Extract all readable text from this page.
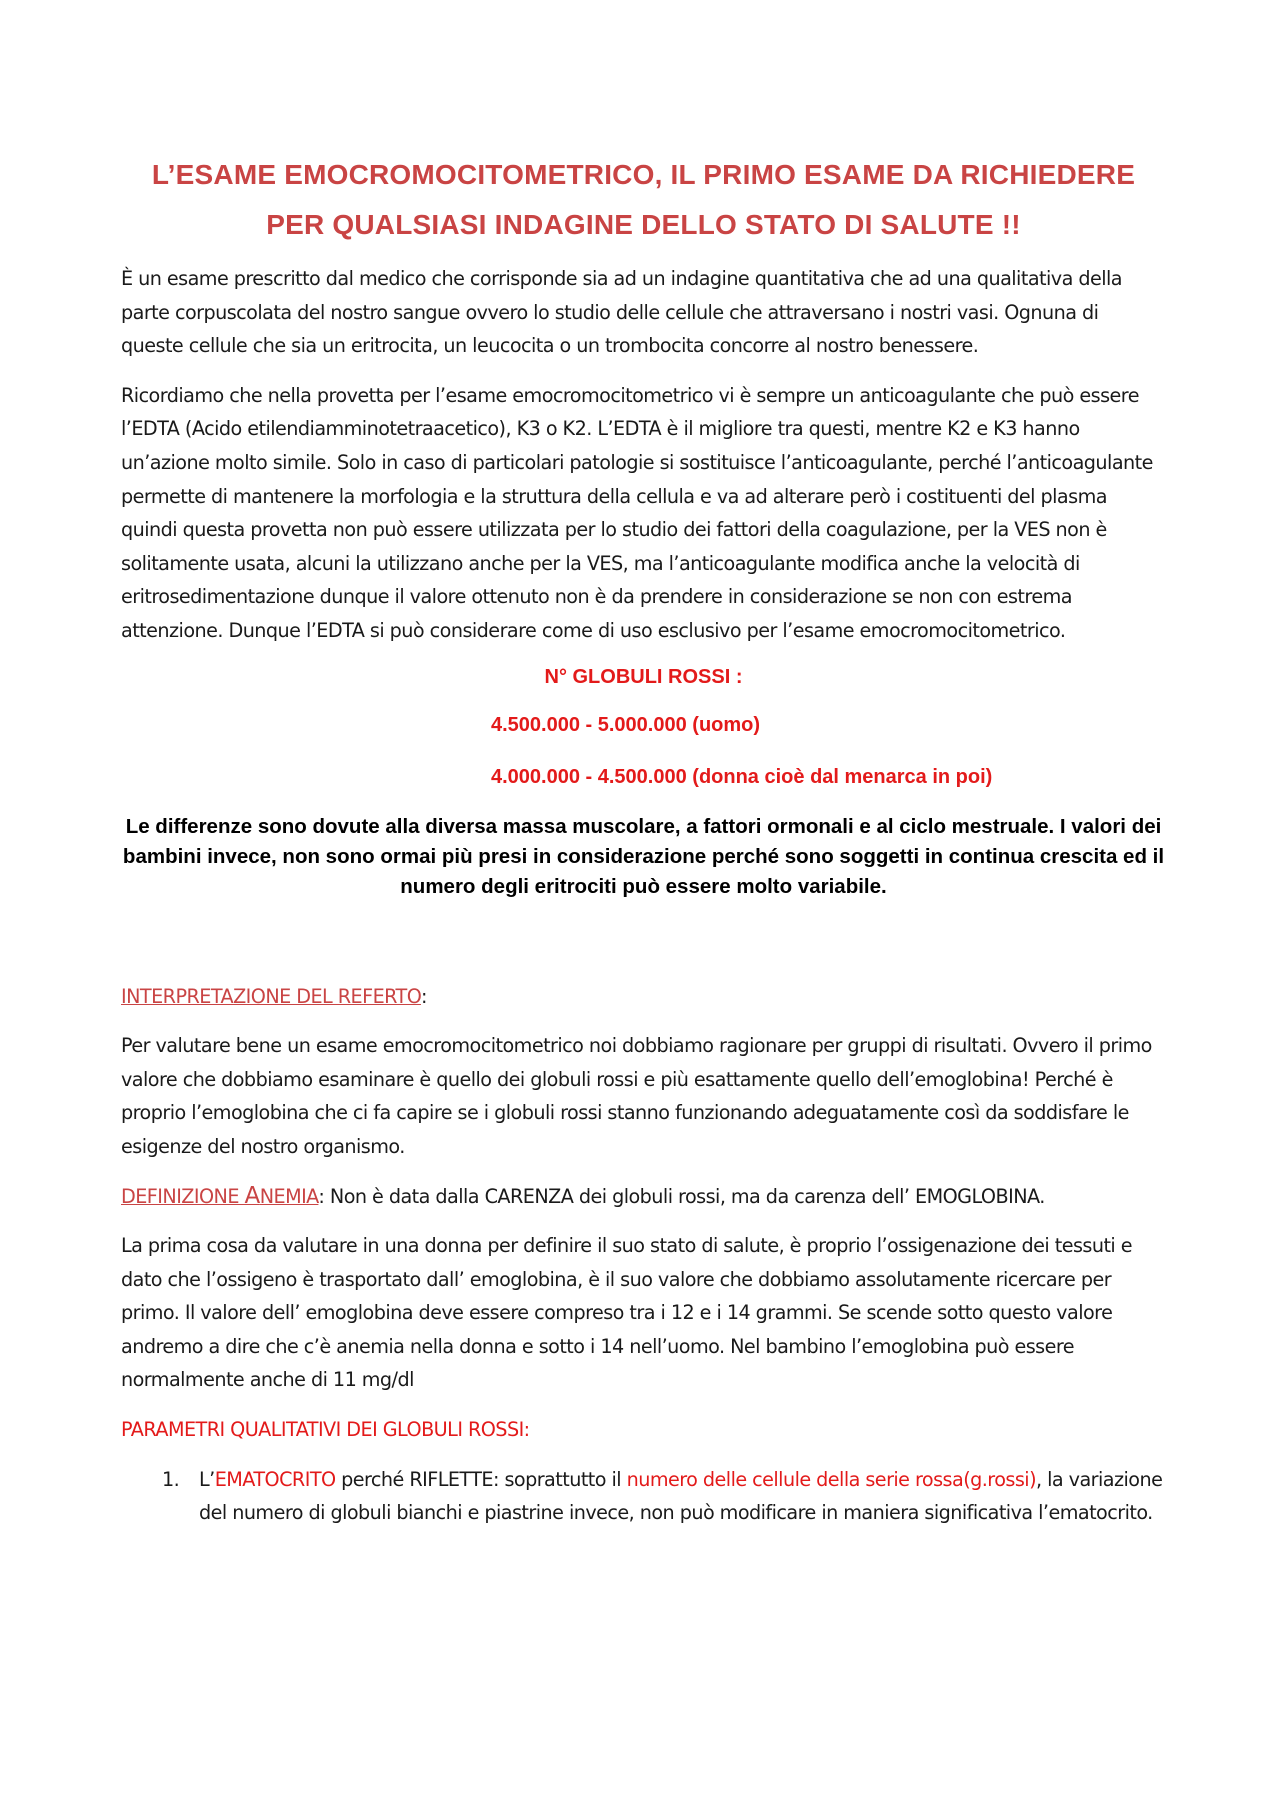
L’ESAME EMOCROMOCITOMETRICO, IL PRIMO ESAME DA RICHIEDERE
PER QUALSIASI INDAGINE DELLO STATO DI SALUTE !!

È un esame prescritto dal medico che corrisponde sia ad un indagine quantitativa che ad una qualitativa della parte corpuscolata del nostro sangue ovvero lo studio delle cellule che attraversano i nostri vasi. Ognuna di queste cellule che sia un eritrocita, un leucocita o un trombocita concorre al nostro benessere.

Ricordiamo che nella provetta per l’esame emocromocitometrico vi è sempre un anticoagulante che può essere l’EDTA (Acido etilendiamminotetraacetico), K3 o K2. L’EDTA è il migliore tra questi, mentre K2 e K3 hanno un’azione molto simile. Solo in caso di particolari patologie si sostituisce l’anticoagulante, perché l’anticoagulante permette di mantenere la morfologia e la struttura della cellula e va ad alterare però i costituenti del plasma quindi questa provetta non può essere utilizzata per lo studio dei fattori della coagulazione, per la VES non è solitamente usata, alcuni la utilizzano anche per la VES, ma l’anticoagulante modifica anche la velocità di eritrosedimentazione dunque il valore ottenuto non è da prendere in considerazione se non con estrema attenzione. Dunque l’EDTA si può considerare come di uso esclusivo per l’esame emocromocitometrico.

N° GLOBULI ROSSI :
4.500.000 - 5.000.000 (uomo)
4.000.000 - 4.500.000 (donna cioè dal menarca in poi)
Le differenze sono dovute alla diversa massa muscolare, a fattori ormonali e al ciclo mestruale. I valori dei bambini invece, non sono ormai più presi in considerazione perché sono soggetti in continua crescita ed il numero degli eritrociti può essere molto variabile.

INTERPRETAZIONE DEL REFERTO:

Per valutare bene un esame emocromocitometrico noi dobbiamo ragionare per gruppi di risultati. Ovvero il primo valore che dobbiamo esaminare è quello dei globuli rossi e più esattamente quello dell’emoglobina! Perché è proprio l’emoglobina che ci fa capire se i globuli rossi stanno funzionando adeguatamente così da soddisfare le esigenze del nostro organismo.

DEFINIZIONE ANEMIA: Non è data dalla CARENZA dei globuli rossi, ma da carenza dell’ EMOGLOBINA.

La prima cosa da valutare in una donna per definire il suo stato di salute, è proprio l’ossigenazione dei tessuti e dato che l’ossigeno è trasportato dall’ emoglobina, è il suo valore che dobbiamo assolutamente ricercare per primo. Il valore dell’ emoglobina deve essere compreso tra i 12 e i 14 grammi. Se scende sotto questo valore andremo a dire che c’è anemia nella donna e sotto i 14 nell’uomo. Nel bambino l’emoglobina può essere normalmente anche di 11 mg/dl

PARAMETRI QUALITATIVI DEI GLOBULI ROSSI:

1. L’EMATOCRITO perché RIFLETTE: soprattutto il numero delle cellule della serie rossa(g.rossi), la variazione del numero di globuli bianchi e piastrine invece, non può modificare in maniera significativa l’ematocrito.
